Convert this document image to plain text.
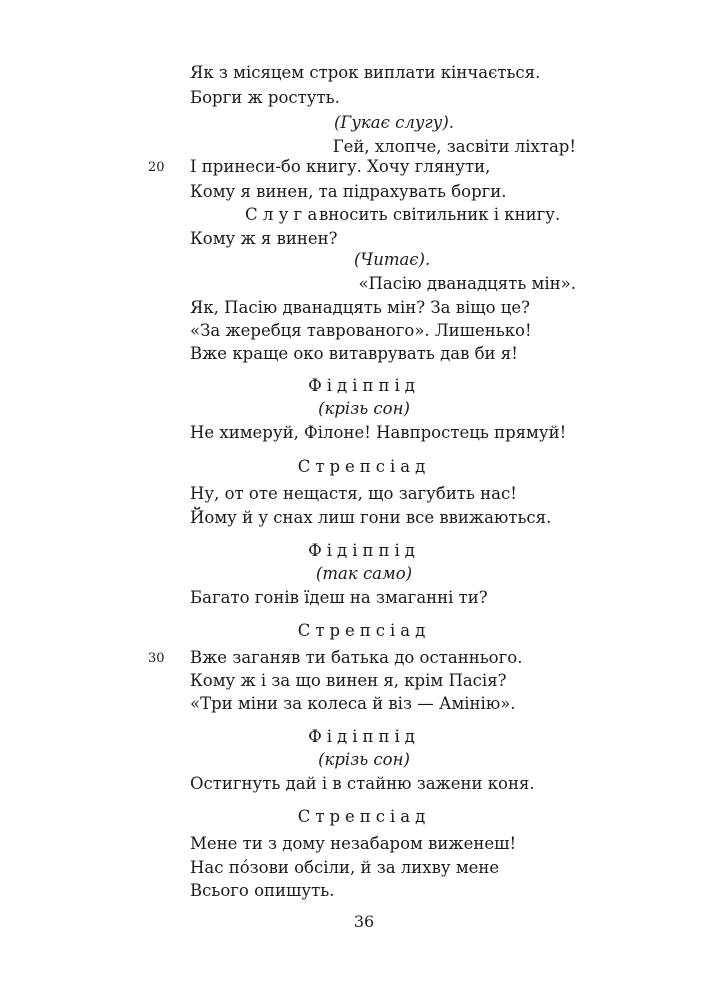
Як з місяцем строк виплати кінчається.
Борги ж ростуть.
(Гукає слугу).
Гей, хлопче, засвіти ліхтар!
20 І принеси-бо книгу. Хочу глянути,
Кому я винен, та підрахувать борги.
С л у г а вносить світильник і книгу.
Кому ж я винен?
(Читає).
«Пасію дванадцять мін».
Як, Пасію дванадцять мін? За віщо це?
«За жеребця таврованого». Лишенько!
Вже краще око витаврувать дав би я!
Фідіппід
(крізь сон)
Не химеруй, Філоне! Навпростець прямуй!
Стрепсіад
Ну, от оте нещастя, що загубить нас!
Йому й у снах лиш гони все ввижаються.
Фідіппід
(так само)
Багато гонів їдеш на змаганні ти?
Стрепсіад
30 Вже заганяв ти батька до останнього.
Кому ж і за що винен я, крім Пасія?
«Три міни за колеса й віз — Амінію».
Фідіппід
(крізь сон)
Остигнуть дай і в стайню зажени коня.
Стрепсіад
Мене ти з дому незабаром виженеш!
Нас пóзови обсіли, й за лихву мене
Всього опишуть.
36
